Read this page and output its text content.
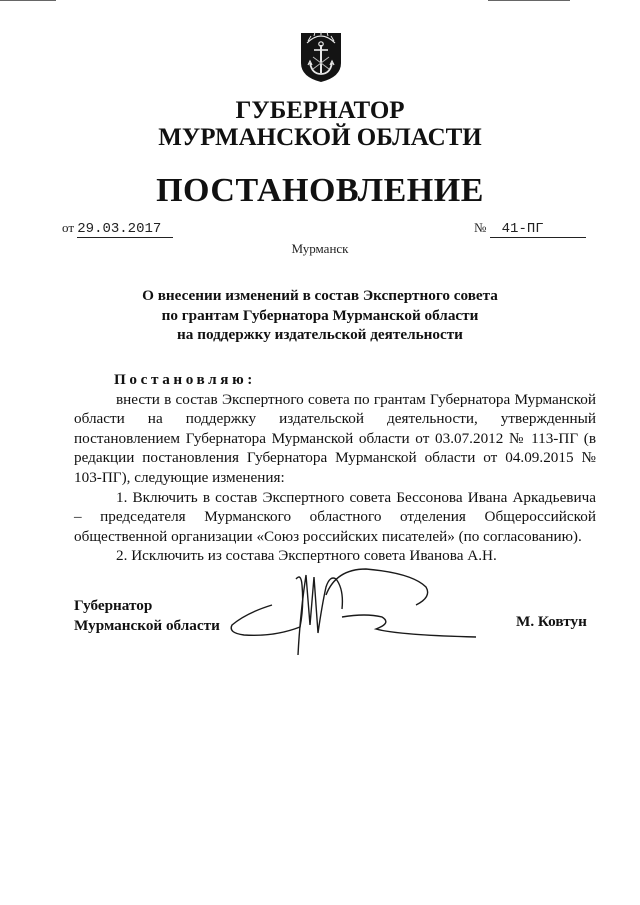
ГУБЕРНАТОР
МУРМАНСКОЙ ОБЛАСТИ
ПОСТАНОВЛЕНИЕ
от 29.03.2017	№ 41-ПГ
Мурманск
О внесении изменений в состав Экспертного совета
по грантам Губернатора Мурманской области
на поддержку издательской деятельности

Постановляю:

внести в состав Экспертного совета по грантам Губернатора Мурманской области на поддержку издательской деятельности, утвержденный постановлением Губернатора Мурманской области от 03.07.2012 № 113-ПГ (в редакции постановления Губернатора Мурманской области от 04.09.2015 № 103-ПГ), следующие изменения:

1. Включить в состав Экспертного совета Бессонова Ивана Аркадьевича – председателя Мурманского областного отделения Общероссийской общественной организации «Союз российских писателей» (по согласованию).

2. Исключить из состава Экспертного совета Иванова А.Н.

Губернатор
Мурманской области	М. Ковтун
